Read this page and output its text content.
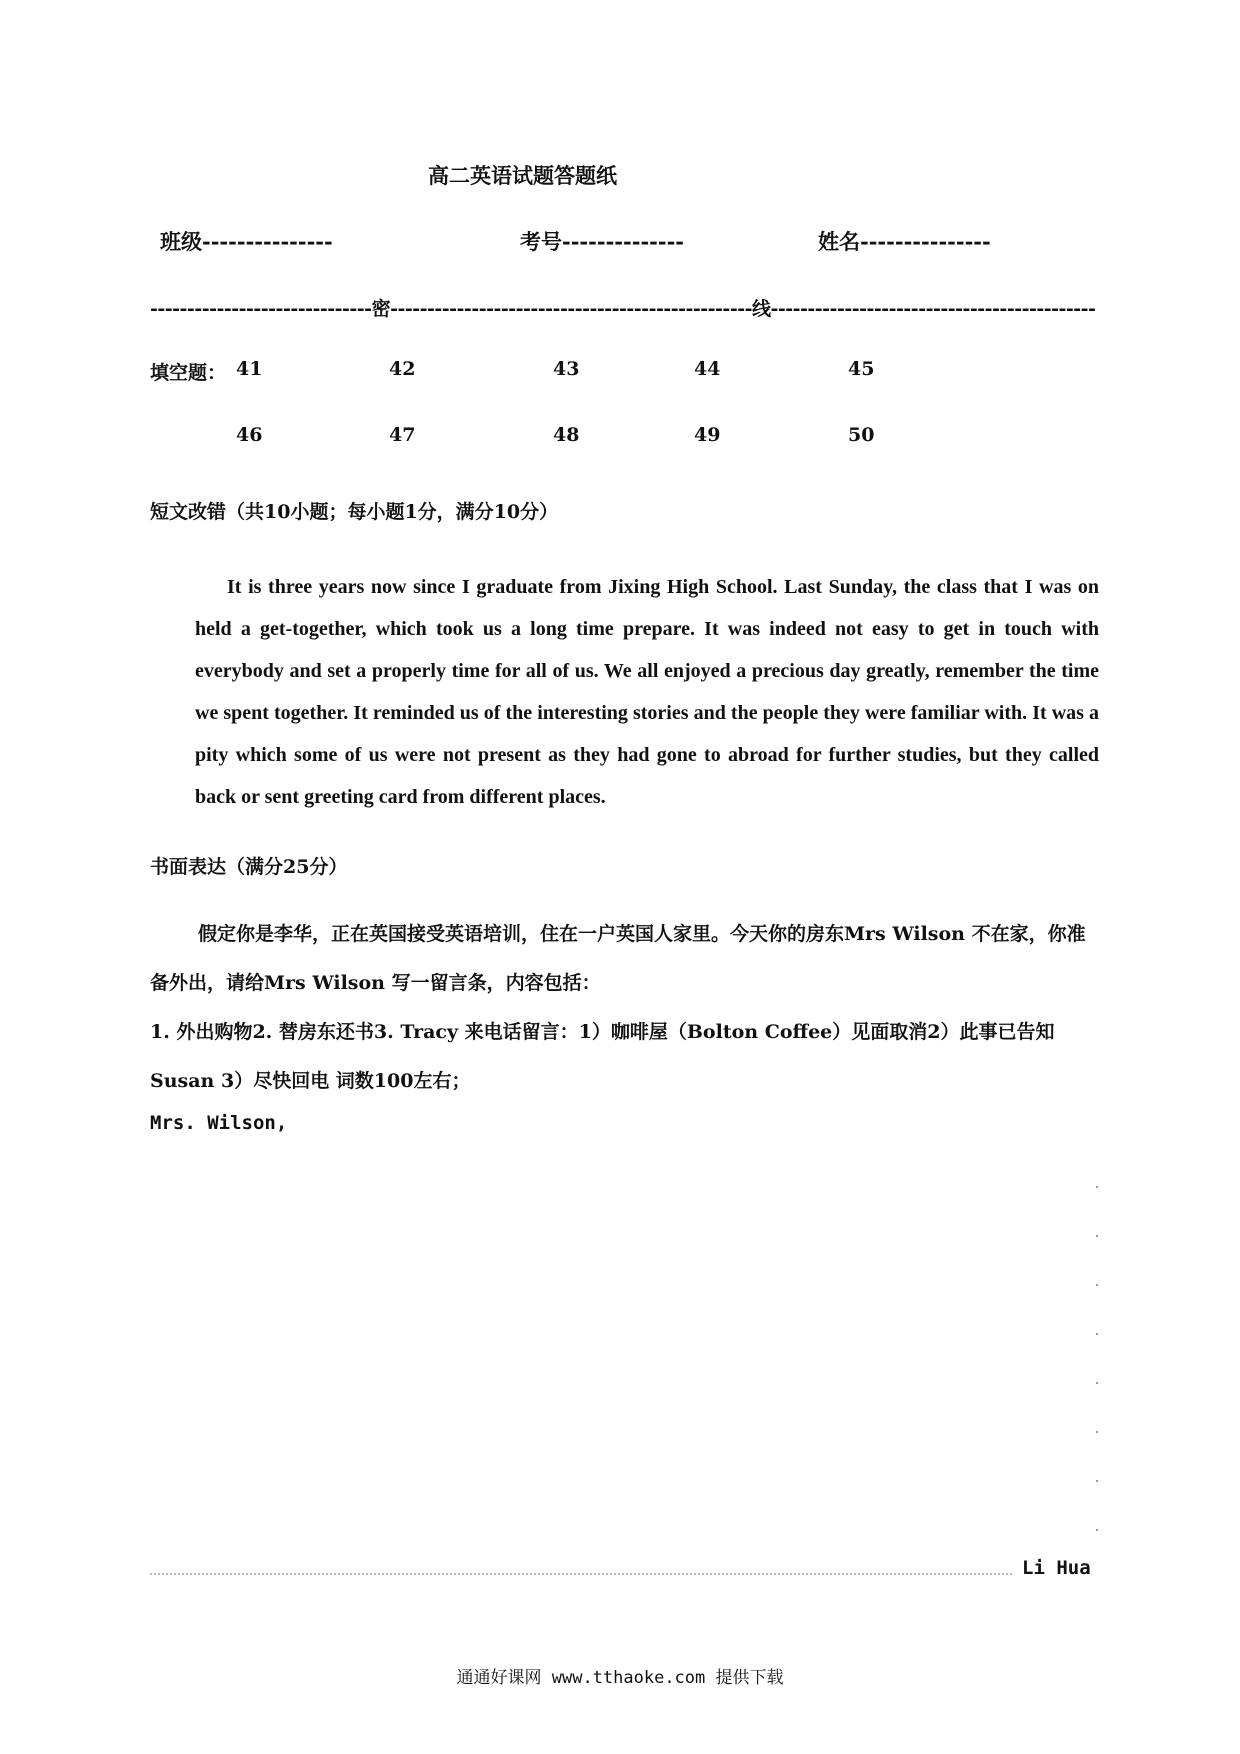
高二英语试题答题纸
班级---------------	考号--------------	姓名---------------
------------------------------密-------------------------------------------------线--------------------------------------------
填空题： 41	42	43	44	45
46	47	48	49	50
短文改错（共10小题；每小题1分，满分10分）

It is three years now since I graduate from Jixing High School. Last Sunday, the class that I was on held a get-together, which took us a long time prepare. It was indeed not easy to get in touch with everybody and set a properly time for all of us. We all enjoyed a precious day greatly, remember the time we spent together. It reminded us of the interesting stories and the people they were familiar with. It was a pity which some of us were not present as they had gone to abroad for further studies, but they called back or sent greeting card from different places.

书面表达（满分25分）

假定你是李华，正在英国接受英语培训，住在一户英国人家里。今天你的房东Mrs Wilson 不在家，你准备外出，请给Mrs Wilson 写一留言条，内容包括：

1. 外出购物2. 替房东还书3. Tracy 来电话留言：1）咖啡屋（Bolton Coffee）见面取消2）此事已告知Susan 3）尽快回电 词数100左右；

Mrs. Wilson,
Li Hua
通通好课网 www.tthaoke.com 提供下载
